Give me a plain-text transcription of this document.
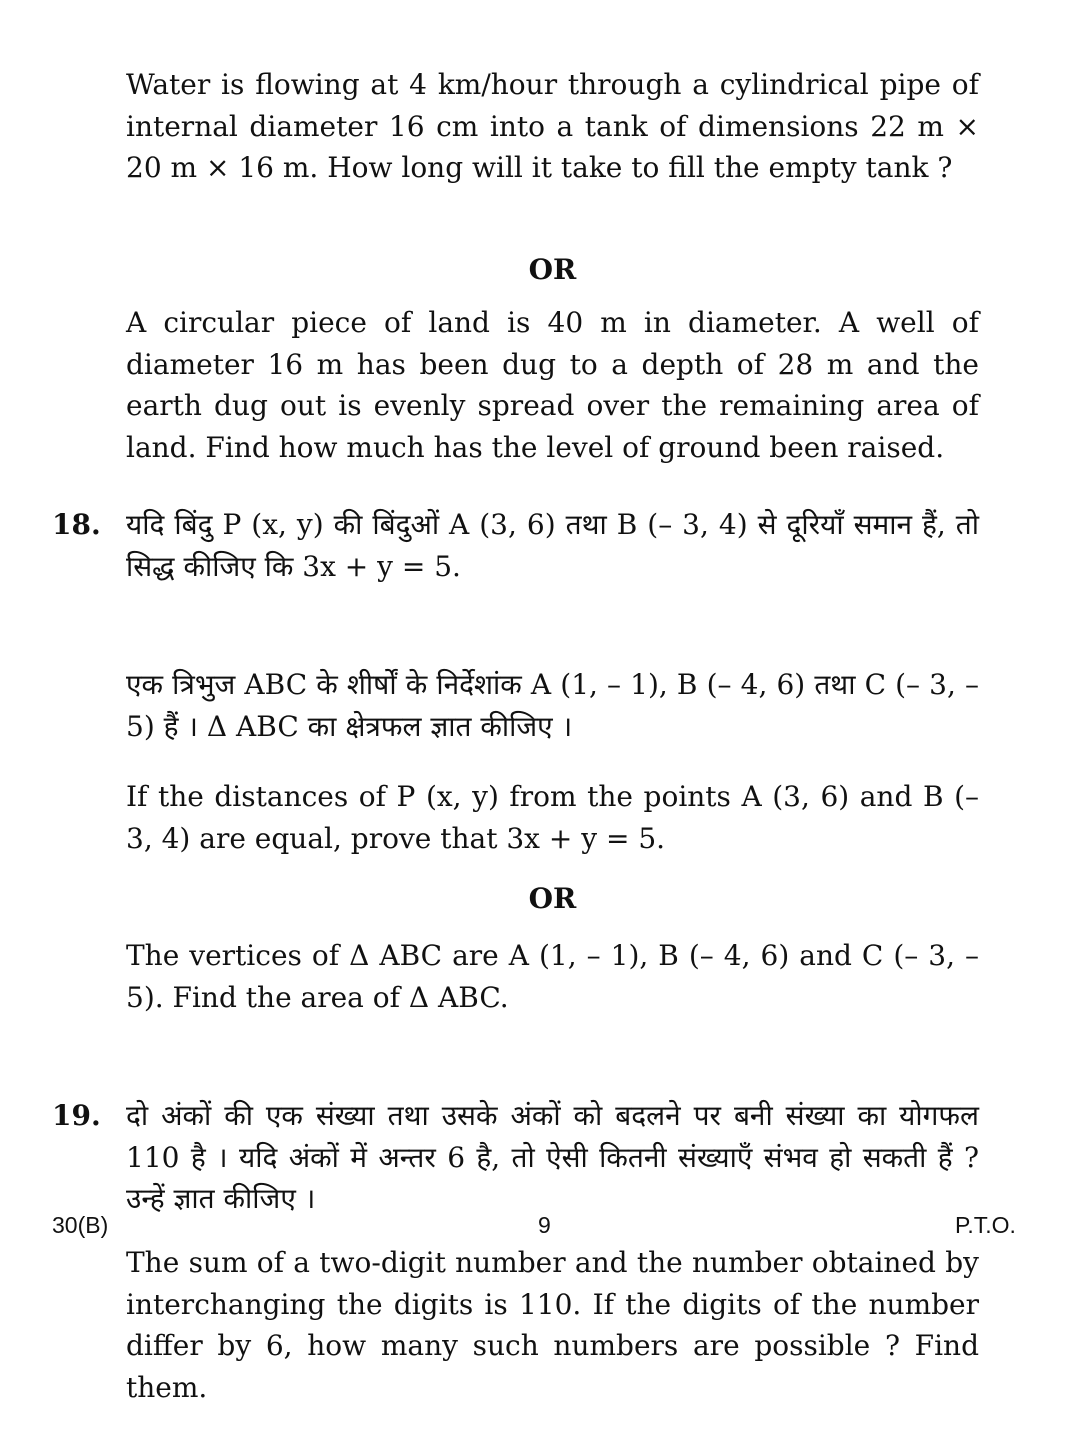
Water is flowing at 4 km/hour through a cylindrical pipe of internal diameter 16 cm into a tank of dimensions 22 m × 20 m × 16 m. How long will it take to fill the empty tank ?
OR
A circular piece of land is 40 m in diameter. A well of diameter 16 m has been dug to a depth of 28 m and the earth dug out is evenly spread over the remaining area of land. Find how much has the level of ground been raised.
18. यदि बिंदु P (x, y) की बिंदुओं A (3, 6) तथा B (– 3, 4) से दूरियाँ समान हैं, तो सिद्ध कीजिए कि 3x + y = 5.
एक त्रिभुज ABC के शीर्षों के निर्देशांक A (1, – 1), B (– 4, 6) तथा C (– 3, – 5) हैं । Δ ABC का क्षेत्रफल ज्ञात कीजिए ।
If the distances of P (x, y) from the points A (3, 6) and B (– 3, 4) are equal, prove that 3x + y = 5.
OR
The vertices of Δ ABC are A (1, – 1), B (– 4, 6) and C (– 3, – 5). Find the area of Δ ABC.
19. दो अंकों की एक संख्या तथा उसके अंकों को बदलने पर बनी संख्या का योगफल 110 है । यदि अंकों में अन्तर 6 है, तो ऐसी कितनी संख्याएँ संभव हो सकती हैं ? उन्हें ज्ञात कीजिए ।
The sum of a two-digit number and the number obtained by interchanging the digits is 110. If the digits of the number differ by 6, how many such numbers are possible ? Find them.
30(B)	9	P.T.O.
